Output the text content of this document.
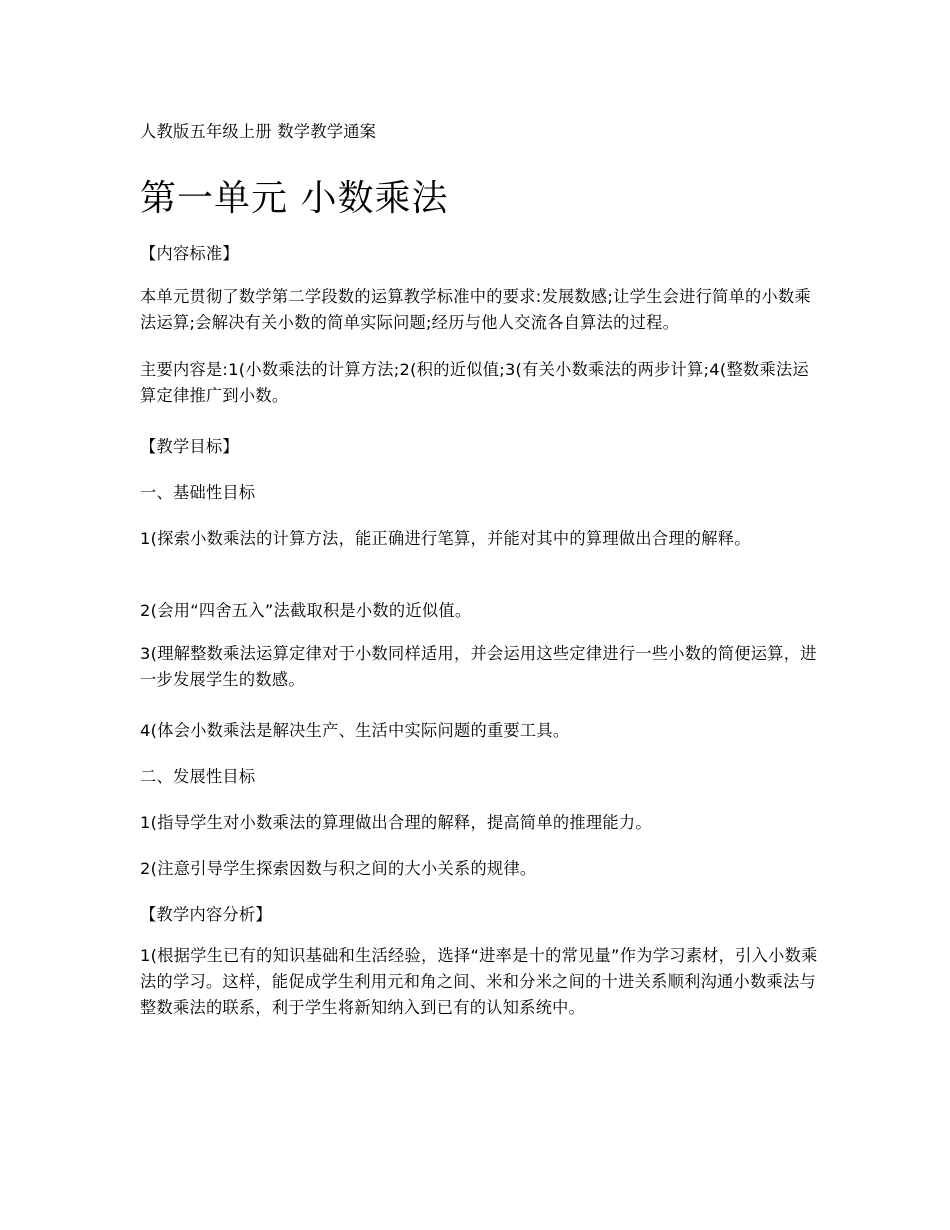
人教版五年级上册 数学教学通案
第一单元 小数乘法
【内容标准】
本单元贯彻了数学第二学段数的运算教学标准中的要求:发展数感;让学生会进行简单的小数乘法运算;会解决有关小数的简单实际问题;经历与他人交流各自算法的过程。
主要内容是:1(小数乘法的计算方法;2(积的近似值;3(有关小数乘法的两步计算;4(整数乘法运算定律推广到小数。
【教学目标】
一、基础性目标
1(探索小数乘法的计算方法，能正确进行笔算，并能对其中的算理做出合理的解释。
2(会用“四舍五入”法截取积是小数的近似值。
3(理解整数乘法运算定律对于小数同样适用，并会运用这些定律进行一些小数的简便运算，进一步发展学生的数感。
4(体会小数乘法是解决生产、生活中实际问题的重要工具。
二、发展性目标
1(指导学生对小数乘法的算理做出合理的解释，提高简单的推理能力。
2(注意引导学生探索因数与积之间的大小关系的规律。
【教学内容分析】
1(根据学生已有的知识基础和生活经验，选择“进率是十的常见量”作为学习素材，引入小数乘法的学习。这样，能促成学生利用元和角之间、米和分米之间的十进关系顺利沟通小数乘法与整数乘法的联系，利于学生将新知纳入到已有的认知系统中。
